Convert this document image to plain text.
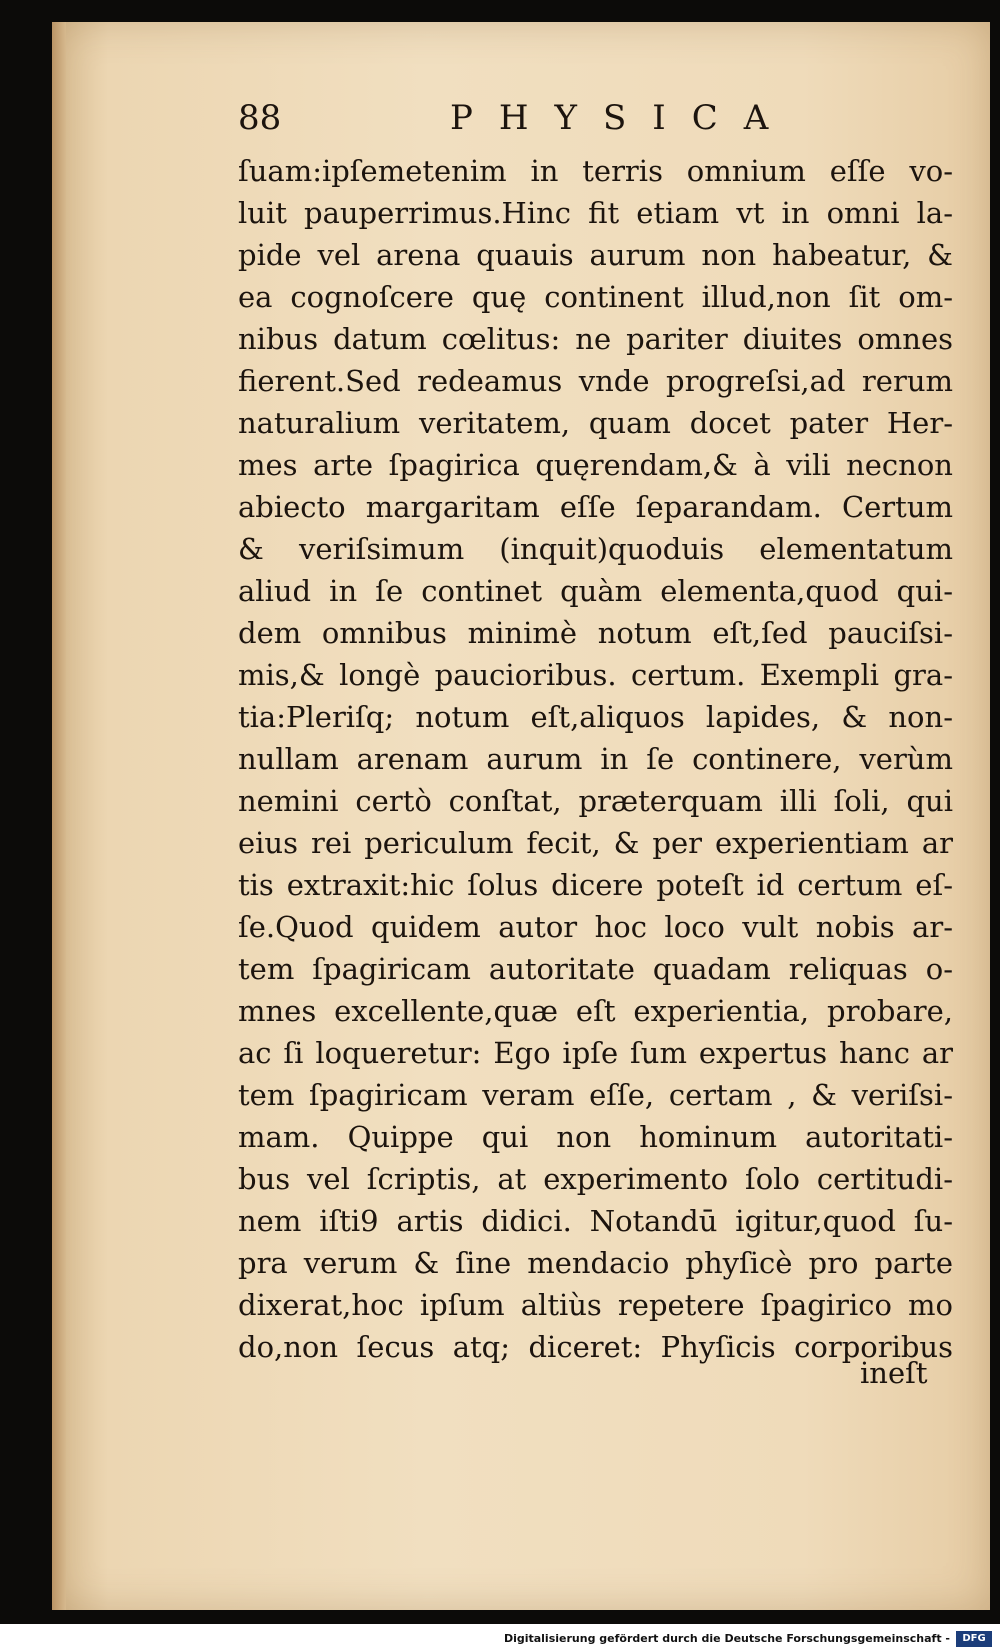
88	PHYSICA
ſuam:ipſemetenim in terris omnium eſſe vo-
luit pauperrimus.Hinc fit etiam vt in omni la-
pide vel arena quauis aurum non habeatur, &
ea cognoſcere quę continent illud,non ſit om-
nibus datum cœlitus: ne pariter diuites omnes
fierent.Sed redeamus vnde progreſsi,ad rerum
naturalium veritatem, quam docet pater Her-
mes arte ſpagirica quęrendam,& à vili necnon
abiecto margaritam eſſe ſeparandam. Certum
& veriſsimum (inquit)quoduis elementatum
aliud in ſe continet quàm elementa,quod qui-
dem omnibus minimè notum eſt,ſed pauciſsi-
mis,& longè paucioribus. certum. Exempli gra-
tia:Pleriſq; notum eſt,aliquos lapides, & non-
nullam arenam aurum in ſe continere, verùm
nemini certò conſtat, præterquam illi ſoli, qui
eius rei periculum fecit, & per experientiam ar
tis extraxit:hic ſolus dicere poteſt id certum eſ-
ſe.Quod quidem autor hoc loco vult nobis ar-
tem ſpagiricam autoritate quadam reliquas o-
mnes excellente,quæ eſt experientia, probare,
ac ſi loqueretur: Ego ipſe ſum expertus hanc ar
tem ſpagiricam veram eſſe, certam , & veriſsi-
mam. Quippe qui non hominum autoritati-
bus vel ſcriptis, at experimento ſolo certitudi-
nem iſti9 artis didici. Notandū igitur,quod ſu-
pra verum & ſine mendacio phyſicè pro parte
dixerat,hoc ipſum altiùs repetere ſpagirico mo
do,non ſecus atq; diceret: Phyſicis corporibus
ineſt
Digitalisierung gefördert durch die Deutsche Forschungsgemeinschaft -	DFG
